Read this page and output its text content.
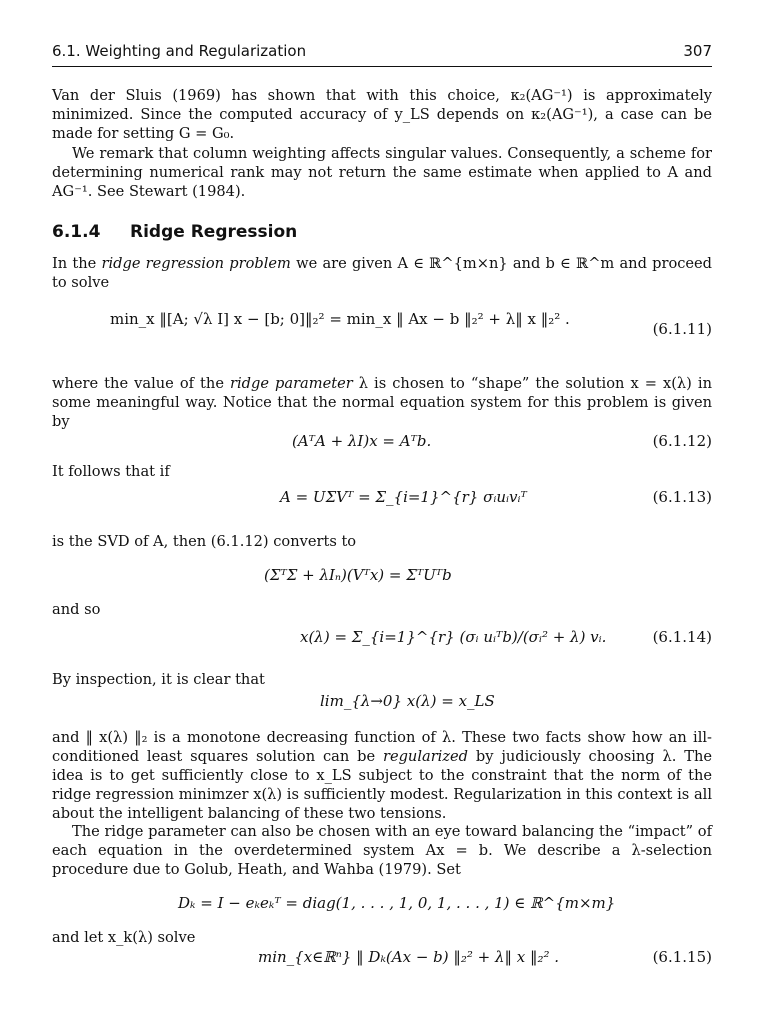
6.1. Weighting and Regularization	307

Van der Sluis (1969) has shown that with this choice, κ₂(AG⁻¹) is approximately minimized. Since the computed accuracy of y_LS depends on κ₂(AG⁻¹), a case can be made for setting G = G₀.

We remark that column weighting affects singular values. Consequently, a scheme for determining numerical rank may not return the same estimate when applied to A and AG⁻¹. See Stewart (1984).

6.1.4 Ridge Regression

In the ridge regression problem we are given A ∈ ℝ^{m×n} and b ∈ ℝ^m and proceed to solve

min_x ‖[A; √λ I] x − [b; 0]‖₂² = min_x ‖ Ax − b ‖₂² + λ‖ x ‖₂² .
(6.1.11)

where the value of the ridge parameter λ is chosen to “shape” the solution x = x(λ) in some meaningful way. Notice that the normal equation system for this problem is given by

(AᵀA + λI)x = Aᵀb.	(6.1.12)

It follows that if

A = UΣVᵀ = Σ_{i=1}^{r} σᵢuᵢvᵢᵀ	(6.1.13)

is the SVD of A, then (6.1.12) converts to

(ΣᵀΣ + λIₙ)(Vᵀx) = ΣᵀUᵀb

and so

x(λ) = Σ_{i=1}^{r} (σᵢ uᵢᵀb)/(σᵢ² + λ) vᵢ.	(6.1.14)

By inspection, it is clear that

lim_{λ→0} x(λ) = x_LS

and ‖ x(λ) ‖₂ is a monotone decreasing function of λ. These two facts show how an ill-conditioned least squares solution can be regularized by judiciously choosing λ. The idea is to get sufficiently close to x_LS subject to the constraint that the norm of the ridge regression minimzer x(λ) is sufficiently modest. Regularization in this context is all about the intelligent balancing of these two tensions.

The ridge parameter can also be chosen with an eye toward balancing the “impact” of each equation in the overdetermined system Ax = b. We describe a λ-selection procedure due to Golub, Heath, and Wahba (1979). Set

Dₖ = I − eₖeₖᵀ = diag(1, . . . , 1, 0, 1, . . . , 1) ∈ ℝ^{m×m}

and let x_k(λ) solve

min_{x∈ℝⁿ} ‖ Dₖ(Ax − b) ‖₂² + λ‖ x ‖₂² .	(6.1.15)
